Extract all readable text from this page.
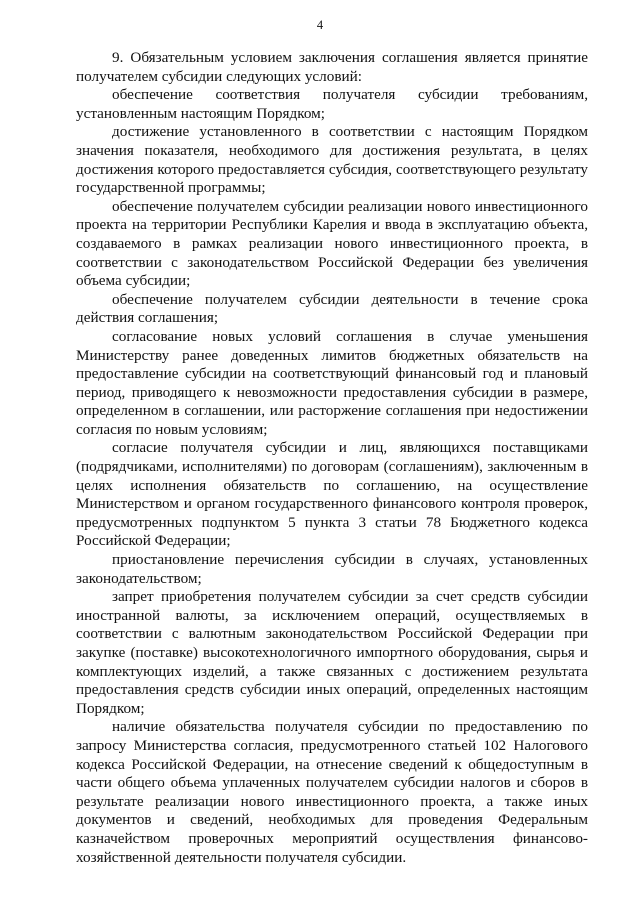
4

9. Обязательным условием заключения соглашения является принятие получателем субсидии следующих условий:

обеспечение соответствия получателя субсидии требованиям, установленным настоящим Порядком;

достижение установленного в соответствии с настоящим Порядком значения показателя, необходимого для достижения результата, в целях достижения которого предоставляется субсидия, соответствующего результату государственной программы;

обеспечение получателем субсидии реализации нового инвестиционного проекта на территории Республики Карелия и ввода в эксплуатацию объекта, создаваемого в рамках реализации нового инвестиционного проекта, в соответствии с законодательством Российской Федерации без увеличения объема субсидии;

обеспечение получателем субсидии деятельности в течение срока действия соглашения;

согласование новых условий соглашения в случае уменьшения Министерству ранее доведенных лимитов бюджетных обязательств на предоставление субсидии на соответствующий финансовый год и плановый период, приводящего к невозможности предоставления субсидии в размере, определенном в соглашении, или расторжение соглашения при недостижении согласия по новым условиям;

согласие получателя субсидии и лиц, являющихся поставщиками (подрядчиками, исполнителями) по договорам (соглашениям), заключенным в целях исполнения обязательств по соглашению, на осуществление Министерством и органом государственного финансового контроля проверок, предусмотренных подпунктом 5 пункта 3 статьи 78 Бюджетного кодекса Российской Федерации;

приостановление перечисления субсидии в случаях, установленных законодательством;

запрет приобретения получателем субсидии за счет средств субсидии иностранной валюты, за исключением операций, осуществляемых в соответствии с валютным законодательством Российской Федерации при закупке (поставке) высокотехнологичного импортного оборудования, сырья и комплектующих изделий, а также связанных с достижением результата предоставления средств субсидии иных операций, определенных настоящим Порядком;

наличие обязательства получателя субсидии по предоставлению по запросу Министерства согласия, предусмотренного статьей 102 Налогового кодекса Российской Федерации, на отнесение сведений к общедоступным в части общего объема уплаченных получателем субсидии налогов и сборов в результате реализации нового инвестиционного проекта, а также иных документов и сведений, необходимых для проведения Федеральным казначейством проверочных мероприятий осуществления финансово-хозяйственной деятельности получателя субсидии.
